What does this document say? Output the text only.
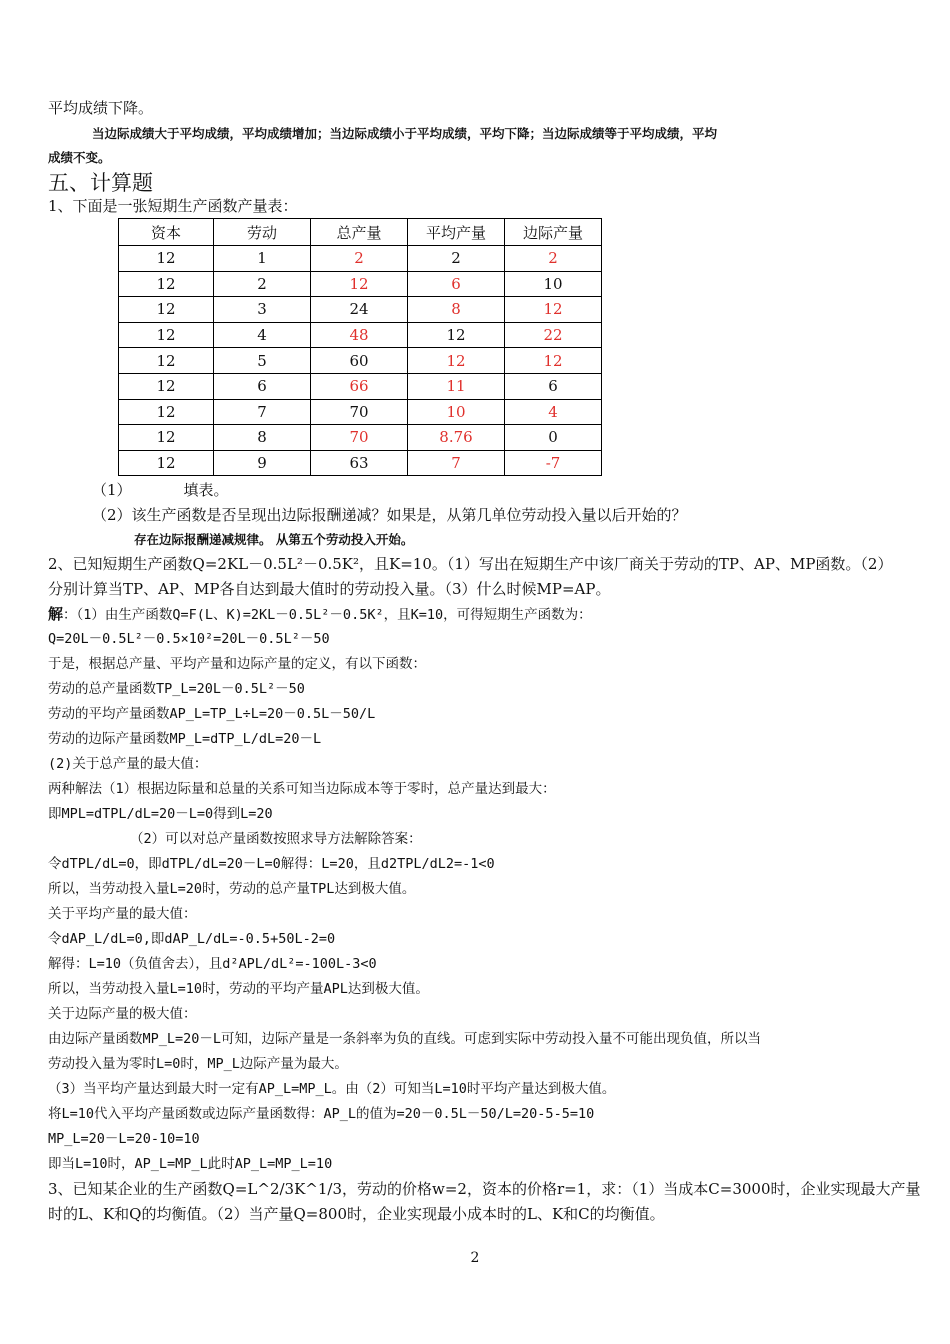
平均成绩下降。
当边际成绩大于平均成绩，平均成绩增加；当边际成绩小于平均成绩，平均下降；当边际成绩等于平均成绩，平均
成绩不变。
五、计算题
1、下面是一张短期生产函数产量表：
资本	劳动	总产量	平均产量	边际产量
12	1	2	2	2
12	2	12	6	10
12	3	24	8	12
12	4	48	12	22
12	5	60	12	12
12	6	66	11	6
12	7	70	10	4
12	8	70	8.76	0
12	9	63	7	-7
（1）	填表。
（2）该生产函数是否呈现出边际报酬递减？如果是，从第几单位劳动投入量以后开始的？
存在边际报酬递减规律。 从第五个劳动投入开始。
2、已知短期生产函数Q=2KL－0.5L²－0.5K²，且K=10。（1）写出在短期生产中该厂商关于劳动的TP、AP、MP函数。（2）
分别计算当TP、AP、MP各自达到最大值时的劳动投入量。（3）什么时候MP=AP。
解：（1）由生产函数Q=F(L、K)=2KL－0.5L²－0.5K²，且K=10，可得短期生产函数为：
Q=20L－0.5L²－0.5×10²=20L－0.5L²－50
于是，根据总产量、平均产量和边际产量的定义，有以下函数：
劳动的总产量函数TP_L=20L－0.5L²－50
劳动的平均产量函数AP_L=TP_L÷L=20－0.5L－50/L
劳动的边际产量函数MP_L=dTP_L/dL=20－L
(2)关于总产量的最大值：
两种解法（1）根据边际量和总量的关系可知当边际成本等于零时，总产量达到最大：
即MPL=dTPL/dL=20－L=0得到L=20
（2）可以对总产量函数按照求导方法解除答案：
令dTPL/dL=0，即dTPL/dL=20－L=0解得：L=20，且d2TPL/dL2=-1<0
所以，当劳动投入量L=20时，劳动的总产量TPL达到极大值。
关于平均产量的最大值：
令dAP_L/dL=0,即dAP_L/dL=-0.5+50L-2=0
解得：L=10（负值舍去），且d²APL/dL²=-100L-3<0
所以，当劳动投入量L=10时，劳动的平均产量APL达到极大值。
关于边际产量的极大值：
由边际产量函数MP_L=20－L可知，边际产量是一条斜率为负的直线。可虑到实际中劳动投入量不可能出现负值，所以当
劳动投入量为零时L=0时，MP_L边际产量为最大。
（3）当平均产量达到最大时一定有AP_L=MP_L。由（2）可知当L=10时平均产量达到极大值。
将L=10代入平均产量函数或边际产量函数得：AP_L的值为=20－0.5L－50/L=20-5-5=10
MP_L=20－L=20-10=10
即当L=10时，AP_L=MP_L此时AP_L=MP_L=10
3、已知某企业的生产函数Q=L^2/3K^1/3，劳动的价格w=2，资本的价格r=1，求：（1）当成本C=3000时，企业实现最大产量
时的L、K和Q的均衡值。（2）当产量Q=800时，企业实现最小成本时的L、K和C的均衡值。
2
